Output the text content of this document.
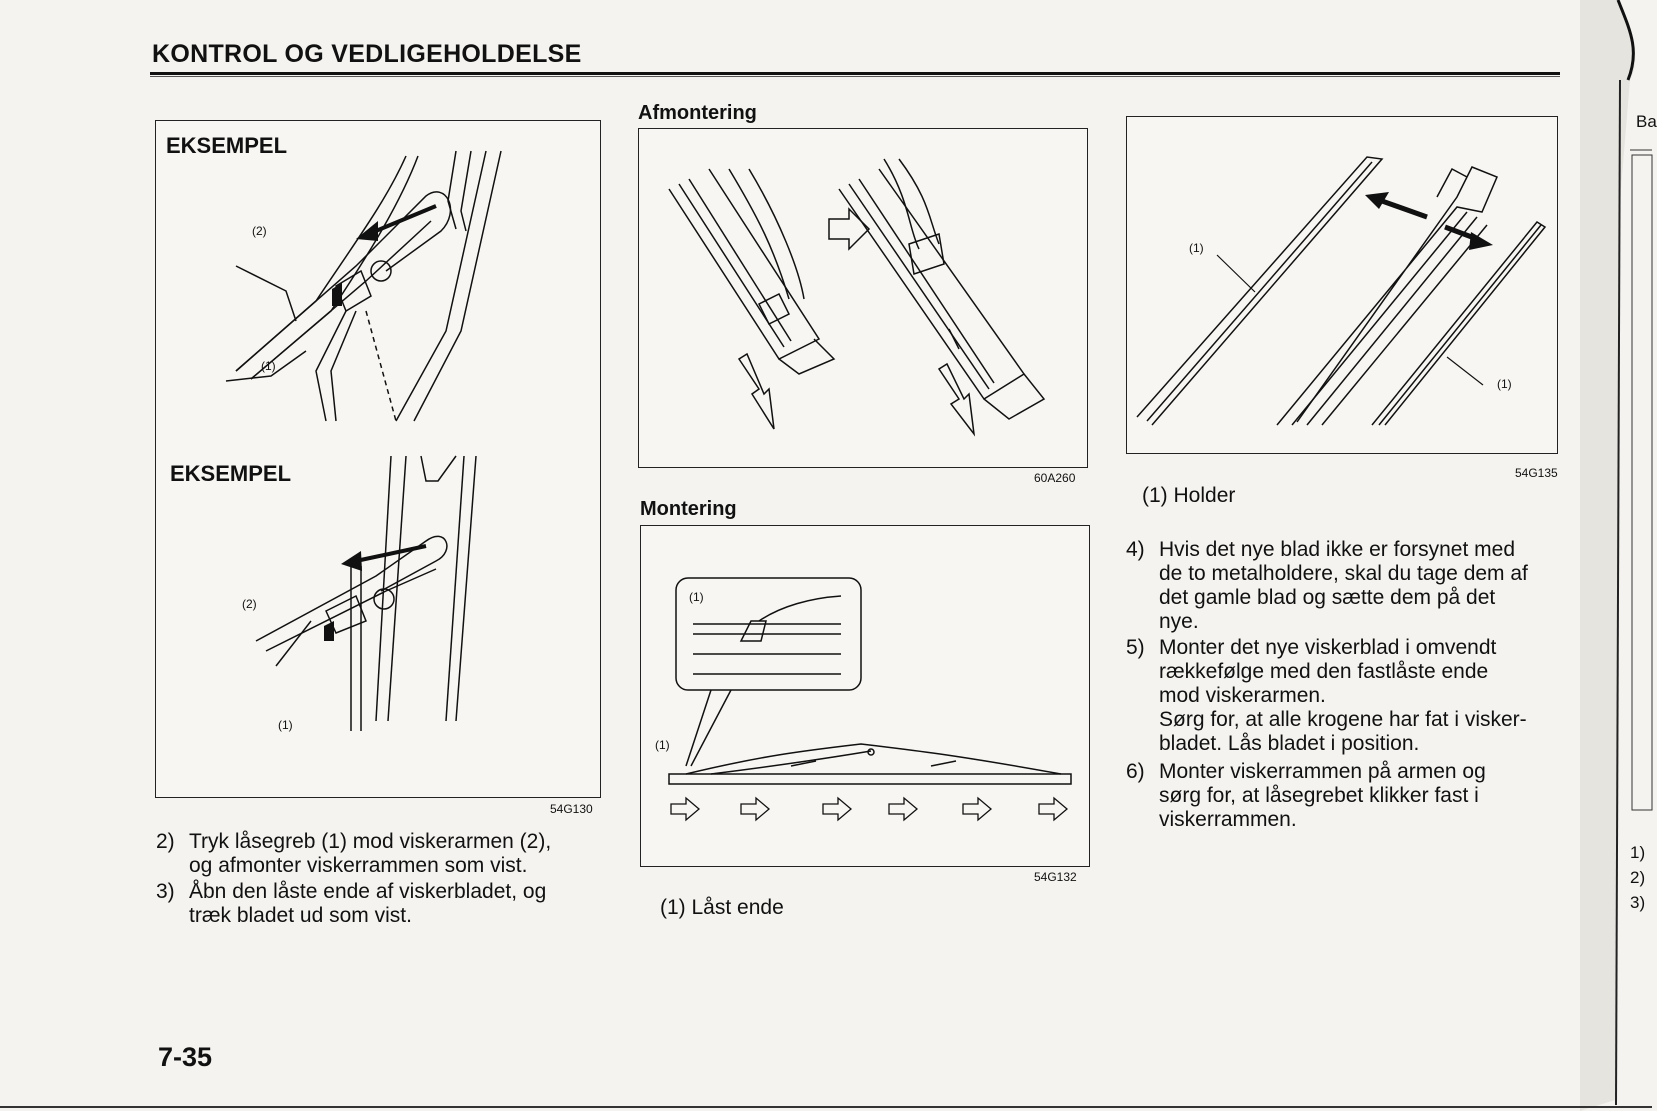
KONTROL OG VEDLIGEHOLDELSE
EKSEMPEL
EKSEMPEL
(2)
(1)
(2)
(1)
54G130
2) Tryk låsegreb (1) mod viskerarmen (2),
og afmonter viskerrammen som vist.
3) Åbn den låste ende af viskerbladet, og
træk bladet ud som vist.
Afmontering
60A260
Montering
(1)
(1)
54G132
(1) Låst ende
(1)
(1)
54G135
(1) Holder
4) Hvis det nye blad ikke er forsynet med
de to metalholdere, skal du tage dem af
det gamle blad og sætte dem på det
nye.
5) Monter det nye viskerblad i omvendt
rækkefølge med den fastlåste ende
mod viskerarmen.
Sørg for, at alle krogene har fat i visker-
bladet. Lås bladet i position.
6) Monter viskerrammen på armen og
sørg for, at låsegrebet klikker fast i
viskerrammen.
Ba
1)
2)
3)
7-35
